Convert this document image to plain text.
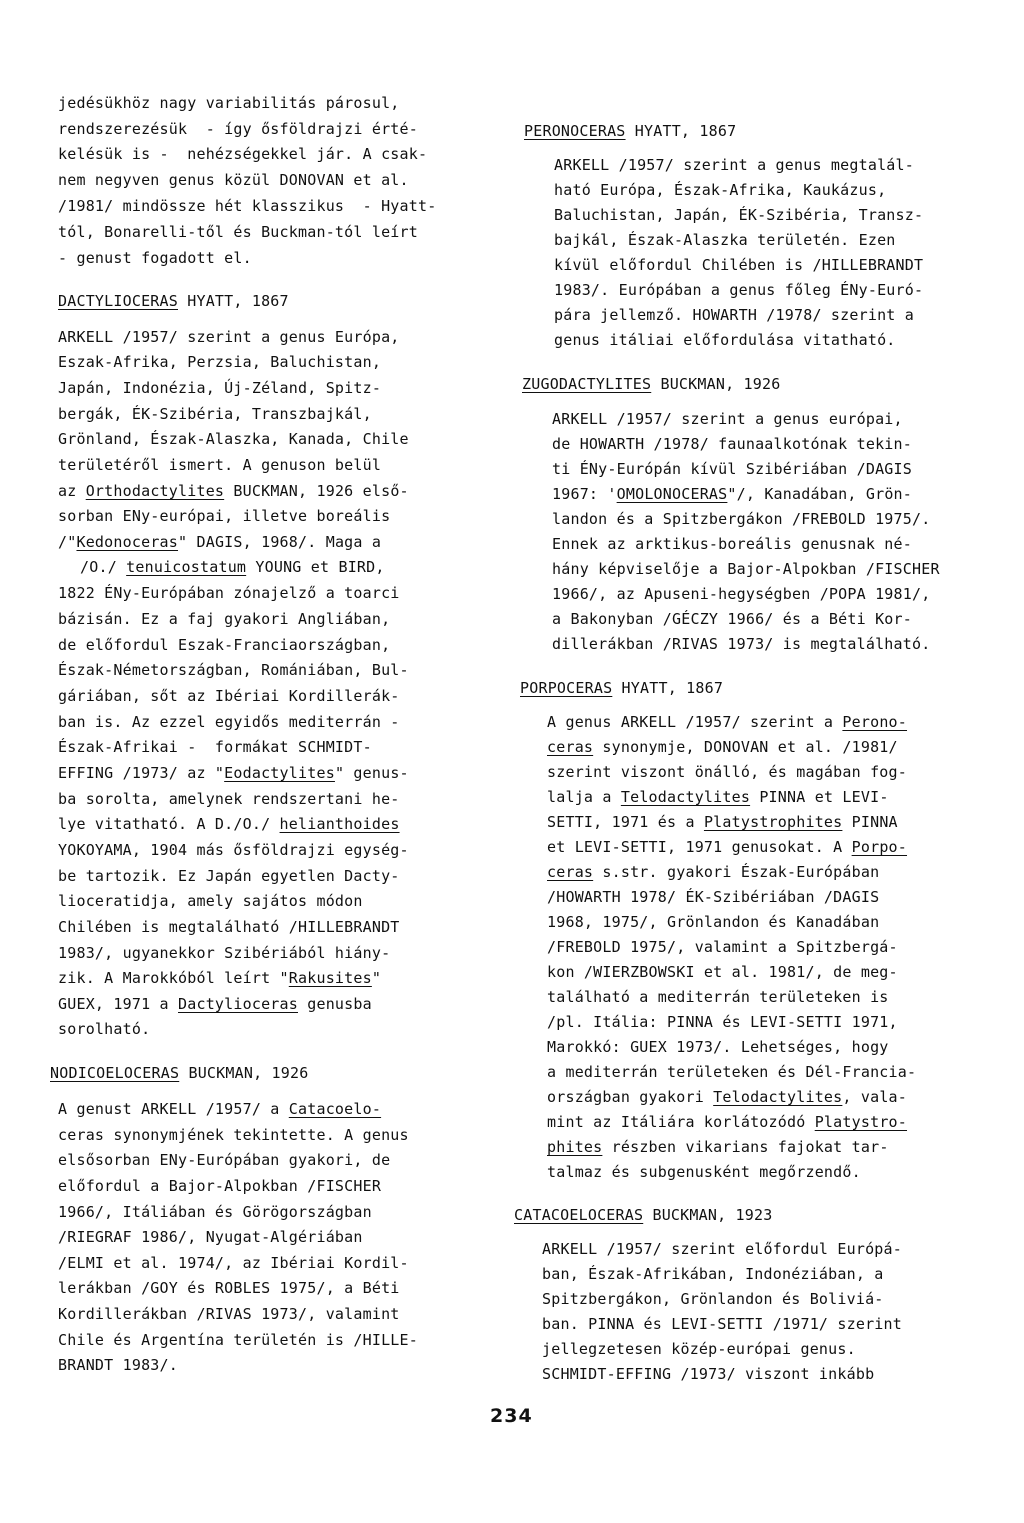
jedésükhöz nagy variabilitás párosul,
rendszerezésük  - így ősföldrajzi érté-
kelésük is -  nehézségekkel jár. A csak-
nem negyven genus közül DONOVAN et al.
/1981/ mindössze hét klasszikus  - Hyatt-
tól, Bonarelli-től és Buckman-tól leírt
- genust fogadott el.
DACTYLIOCERAS HYATT, 1867
ARKELL /1957/ szerint a genus Európa,
Eszak-Afrika, Perzsia, Baluchistan,
Japán, Indonézia, Új-Zéland, Spitz-
bergák, ÉK-Szibéria, Transzbajkál,
Grönland, Észak-Alaszka, Kanada, Chile
területéről ismert. A genuson belül
az Orthodactylites BUCKMAN, 1926 első-
sorban ENy-európai, illetve boreális
/"Kedonoceras" DAGIS, 1968/. Maga a
/O./ tenuicostatum YOUNG et BIRD,
1822 ÉNy-Európában zónajelző a toarci
bázisán. Ez a faj gyakori Angliában,
de előfordul Eszak-Franciaországban,
Észak-Németországban, Romániában, Bul-
gáriában, sőt az Ibériai Kordillerák-
ban is. Az ezzel egyidős mediterrán -
Észak-Afrikai -  formákat SCHMIDT-
EFFING /1973/ az "Eodactylites" genus-
ba sorolta, amelynek rendszertani he-
lye vitatható. A D./O./ helianthoides
YOKOYAMA, 1904 más ősföldrajzi egység-
be tartozik. Ez Japán egyetlen Dacty-
lioceratidja, amely sajátos módon
Chilében is megtalálható /HILLEBRANDT
1983/, ugyanekkor Szibériából hiány-
zik. A Marokkóból leírt "Rakusites"
GUEX, 1971 a Dactylioceras genusba
sorolható.
NODICOELOCERAS BUCKMAN, 1926
A genust ARKELL /1957/ a Catacoelo-
ceras synonymjének tekintette. A genus
elsősorban ENy-Európában gyakori, de
előfordul a Bajor-Alpokban /FISCHER
1966/, Itáliában és Görögországban
/RIEGRAF 1986/, Nyugat-Algériában
/ELMI et al. 1974/, az Ibériai Kordil-
lerákban /GOY és ROBLES 1975/, a Béti
Kordillerákban /RIVAS 1973/, valamint
Chile és Argentína területén is /HILLE-
BRANDT 1983/.
PERONOCERAS HYATT, 1867
ARKELL /1957/ szerint a genus megtalál-
ható Európa, Észak-Afrika, Kaukázus,
Baluchistan, Japán, ÉK-Szibéria, Transz-
bajkál, Észak-Alaszka területén. Ezen
kívül előfordul Chilében is /HILLEBRANDT
1983/. Európában a genus főleg ÉNy-Euró-
pára jellemző. HOWARTH /1978/ szerint a
genus itáliai előfordulása vitatható.
ZUGODACTYLITES BUCKMAN, 1926
ARKELL /1957/ szerint a genus európai,
de HOWARTH /1978/ faunaalkotónak tekin-
ti ÉNy-Európán kívül Szibériában /DAGIS
1967: 'OMOLONOCERAS"/, Kanadában, Grön-
landon és a Spitzbergákon /FREBOLD 1975/.
Ennek az arktikus-boreális genusnak né-
hány képviselője a Bajor-Alpokban /FISCHER
1966/, az Apuseni-hegységben /POPA 1981/,
a Bakonyban /GÉCZY 1966/ és a Béti Kor-
dillerákban /RIVAS 1973/ is megtalálható.
PORPOCERAS HYATT, 1867
A genus ARKELL /1957/ szerint a Perono-
ceras synonymje, DONOVAN et al. /1981/
szerint viszont önálló, és magában fog-
lalja a Telodactylites PINNA et LEVI-
SETTI, 1971 és a Platystrophites PINNA
et LEVI-SETTI, 1971 genusokat. A Porpo-
ceras s.str. gyakori Észak-Európában
/HOWARTH 1978/ ÉK-Szibériában /DAGIS
1968, 1975/, Grönlandon és Kanadában
/FREBOLD 1975/, valamint a Spitzbergá-
kon /WIERZBOWSKI et al. 1981/, de meg-
található a mediterrán területeken is
/pl. Itália: PINNA és LEVI-SETTI 1971,
Marokkó: GUEX 1973/. Lehetséges, hogy
a mediterrán területeken és Dél-Francia-
országban gyakori Telodactylites, vala-
mint az Itáliára korlátozódó Platystro-
phites részben vikarians fajokat tar-
talmaz és subgenusként megőrzendő.
CATACOELOCERAS BUCKMAN, 1923
ARKELL /1957/ szerint előfordul Európá-
ban, Észak-Afrikában, Indonéziában, a
Spitzbergákon, Grönlandon és Boliviá-
ban. PINNA és LEVI-SETTI /1971/ szerint
jellegzetesen közép-európai genus.
SCHMIDT-EFFING /1973/ viszont inkább
234
